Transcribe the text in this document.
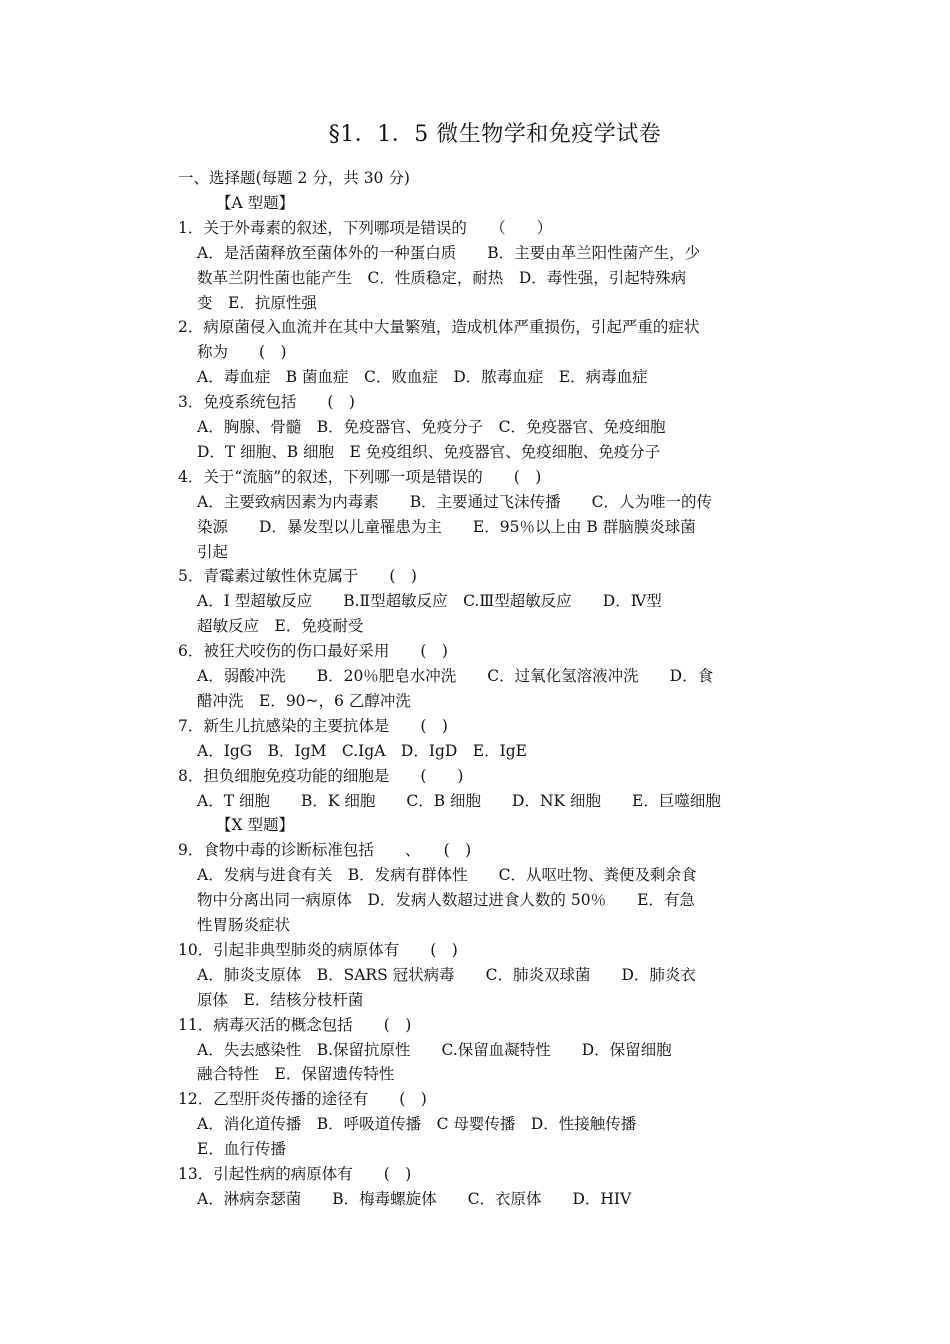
§1．1．5 微生物学和免疫学试卷
一、选择题(每题 2 分，共 30 分)
【A 型题】
1．关于外毒素的叙述，下列哪项是错误的　　（　　）
A．是活菌释放至菌体外的一种蛋白质　　B．主要由革兰阳性菌产生，少
数革兰阴性菌也能产生　C．性质稳定，耐热　D．毒性强，引起特殊病
变　E．抗原性强
2．病原菌侵入血流并在其中大量繁殖，造成机体严重损伤，引起严重的症状
称为　　(　)
A．毒血症　B 菌血症　C．败血症　D．脓毒血症　E．病毒血症
3．免疫系统包括　　(　)
A．胸腺、骨髓　B．免疫器官、免疫分子　C．免疫器官、免疫细胞
D．T 细胞、B 细胞　E 免疫组织、免疫器官、免疫细胞、免疫分子
4．关于“流脑”的叙述，下列哪一项是错误的　　(　)
A．主要致病因素为内毒素　　B．主要通过飞沫传播　　C．人为唯一的传
染源　　D．暴发型以儿童罹患为主　　E．95％以上由 B 群脑膜炎球菌
引起
5．青霉素过敏性休克属于　　(　)
A．I 型超敏反应　　B.Ⅱ型超敏反应　C.Ⅲ型超敏反应　　D．Ⅳ型
超敏反应　E．免疫耐受
6．被狂犬咬伤的伤口最好采用　　(　)
A．弱酸冲洗　　B．20％肥皂水冲洗　　C．过氧化氢溶液冲洗　　D．食
醋冲洗　E．90~，6 乙醇冲洗
7．新生儿抗感染的主要抗体是　　(　)
A．IgG　B．IgM　C.IgA　D．IgD　E．IgE
8．担负细胞免疫功能的细胞是　　(　　)
A．T 细胞　　B．K 细胞　　C．B 细胞　　D．NK 细胞　　E．巨噬细胞
【X 型题】
9．食物中毒的诊断标准包括　　、　　(　)
A．发病与进食有关　B．发病有群体性　　C．从呕吐物、粪便及剩余食
物中分离出同一病原体　D．发病人数超过进食人数的 50％　　E．有急
性胃肠炎症状
10．引起非典型肺炎的病原体有　　(　)
A．肺炎支原体　B．SARS 冠状病毒　　C．肺炎双球菌　　D．肺炎衣
原体　E．结核分枝杆菌
11．病毒灭活的概念包括　　(　)
A．失去感染性　B.保留抗原性　　C.保留血凝特性　　D．保留细胞
融合特性　E．保留遗传特性
12．乙型肝炎传播的途径有　　(　)
A．消化道传播　B．呼吸道传播　C 母婴传播　D．性接触传播
E．血行传播
13．引起性病的病原体有　　(　)
A．淋病奈瑟菌　　B．梅毒螺旋体　　C．衣原体　　D．HIV
